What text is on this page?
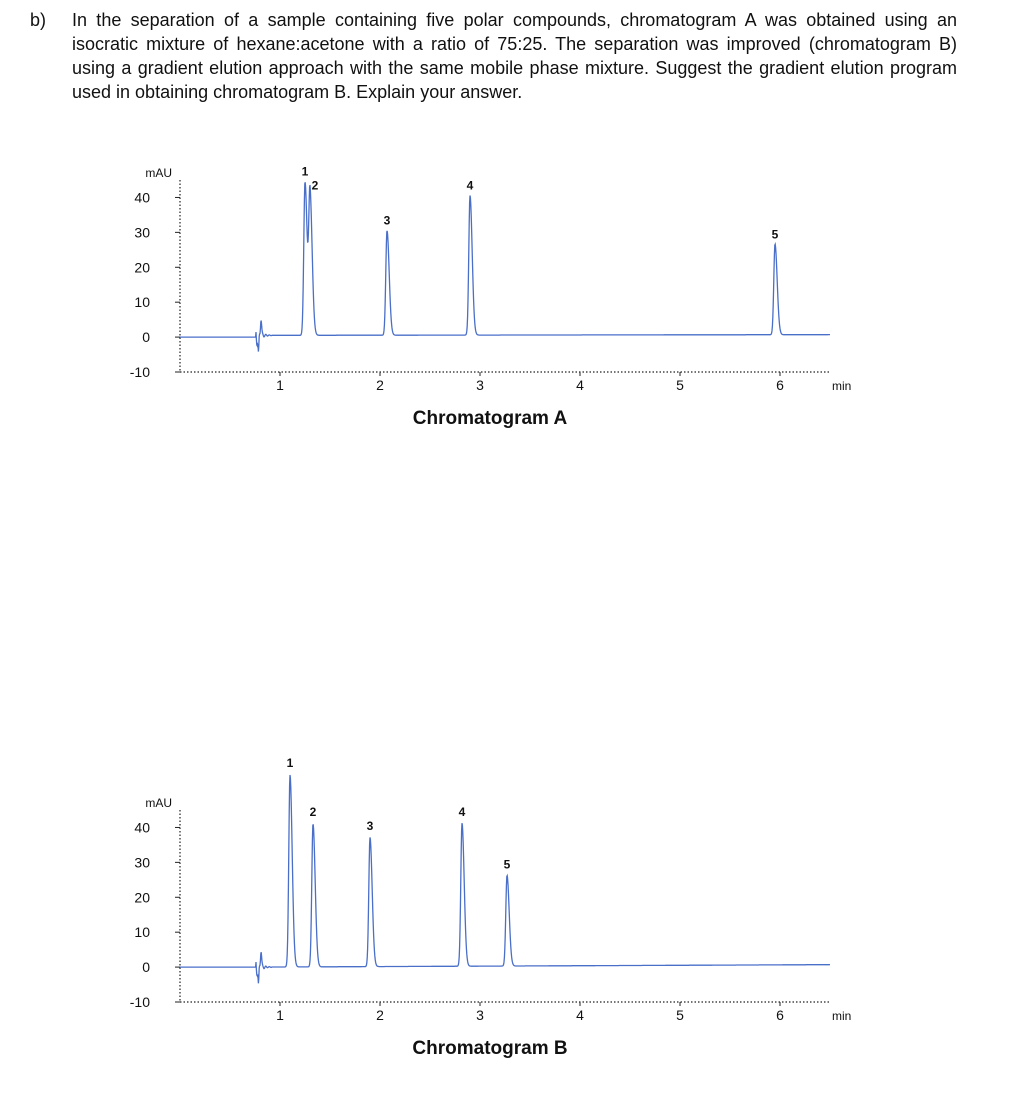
b) In the separation of a sample containing five polar compounds, chromatogram A was obtained using an isocratic mixture of hexane:acetone with a ratio of 75:25. The separation was improved (chromatogram B) using a gradient elution approach with the same mobile phase mixture. Suggest the gradient elution program used in obtaining chromatogram B. Explain your answer.
mAU
40
30
20
10
0
-10
1	2	3	4	5	6	min
1
2
3
4
5
Chromatogram A
mAU
40
30
20
10
0
-10
1	2	3	4	5	6	min
1
2
3
4
5
Chromatogram B
